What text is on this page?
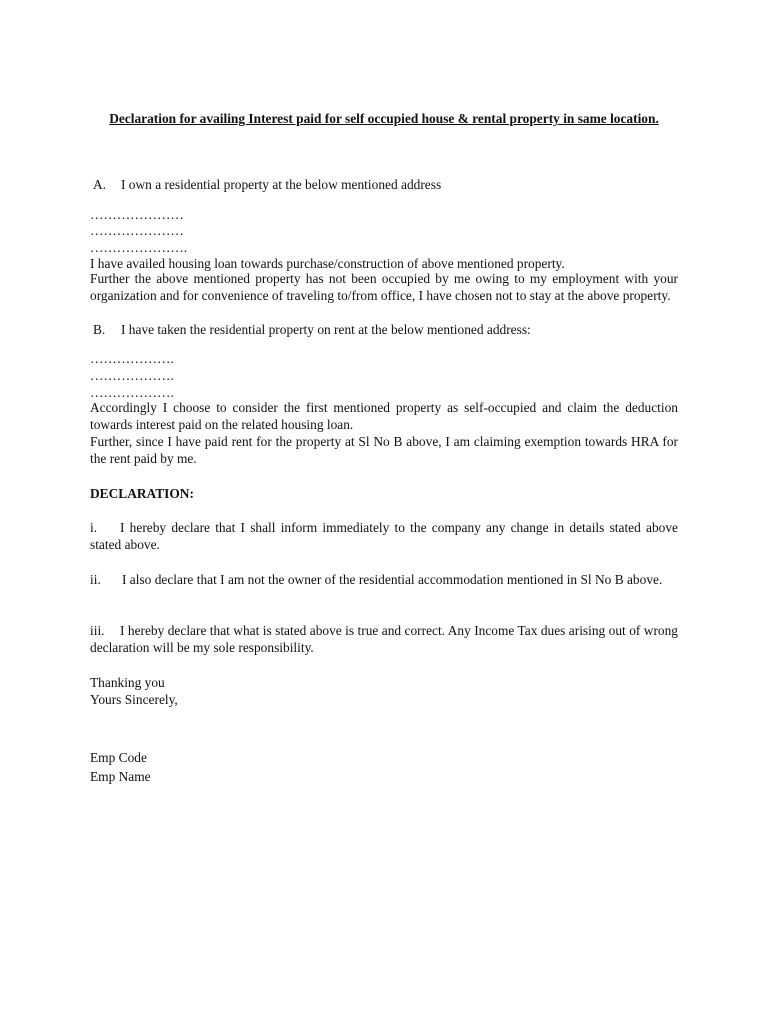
Declaration for availing Interest paid for self occupied house & rental property in same location.
A. I own a residential property at the below mentioned address
…………………
…………………
………………….
I have availed housing loan towards purchase/construction of above mentioned property.
Further the above mentioned property has not been occupied by me owing to my employment with your organization and for convenience of traveling to/from office, I have chosen not to stay at the above property.
B. I have taken the residential property on rent at the below mentioned address:
……………….
……………….
……………….
Accordingly I choose to consider the first mentioned property as self-occupied and claim the deduction towards interest paid on the related housing loan.
Further, since I have paid rent for the property at Sl No B above, I am claiming exemption towards HRA for the rent paid by me.
DECLARATION:
i. I hereby declare that I shall inform immediately to the company any change in details stated above stated above.
ii. I also declare that I am not the owner of the residential accommodation mentioned in Sl No B above.
iii. I hereby declare that what is stated above is true and correct. Any Income Tax dues arising out of wrong declaration will be my sole responsibility.
Thanking you
Yours Sincerely,
Emp Code
Emp Name
